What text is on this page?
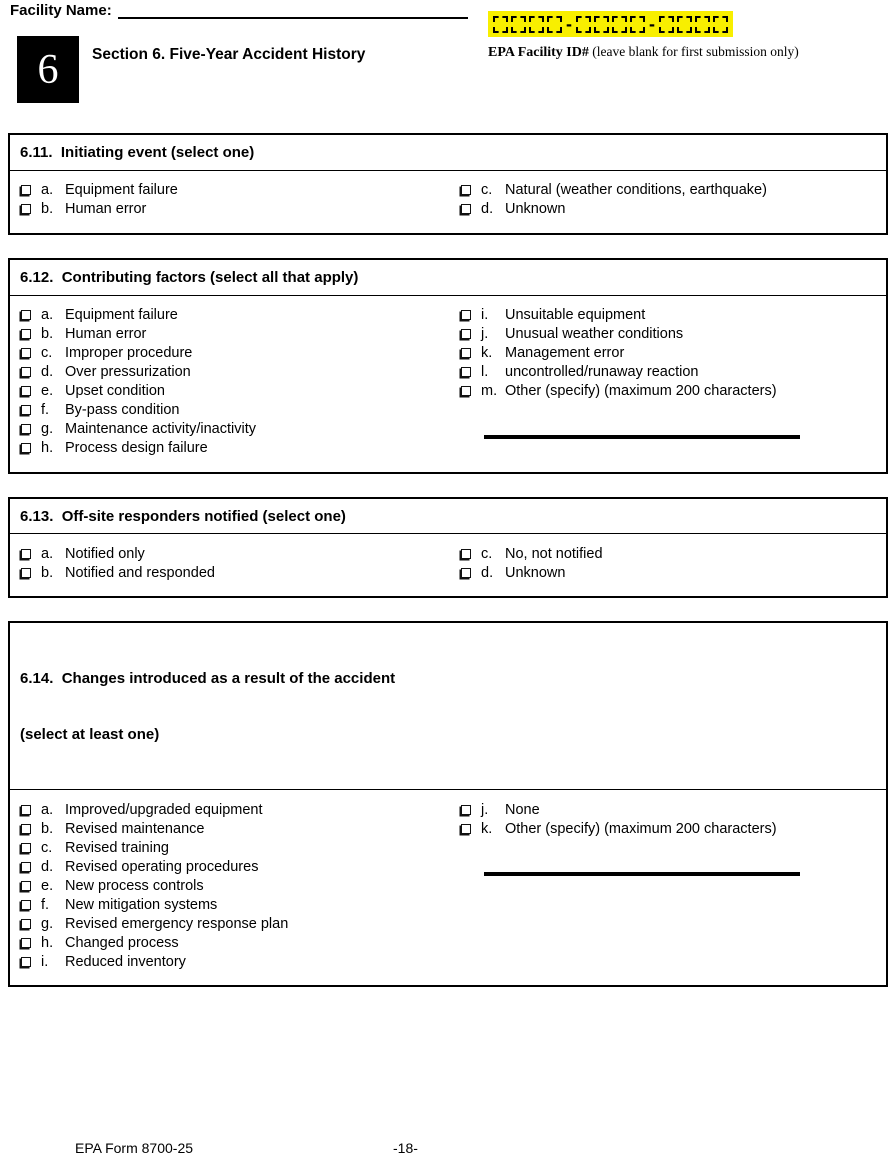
Facility Name:
-	-
EPA Facility ID# (leave blank for first submission only)
6	Section 6. Five-Year Accident History
6.11.  Initiating event (select one)
a. Equipment failure
b. Human error
c. Natural (weather conditions, earthquake)
d. Unknown
6.12.  Contributing factors (select all that apply)
a. Equipment failure
b. Human error
c. Improper procedure
d. Over pressurization
e. Upset condition
f.	By-pass condition
g. Maintenance activity/inactivity
h. Process design failure
i.	Unsuitable equipment
j.	Unusual weather conditions
k. Management error
l.	uncontrolled/runaway reaction
m. Other (specify) (maximum 200 characters)
6.13.  Off-site responders notified (select one)
a. Notified only
b. Notified and responded
c. No, not notified
d. Unknown

6.14.  Changes introduced as a result of the accident

(select at least one)

a. Improved/upgraded equipment
b. Revised maintenance
c. Revised training
d. Revised operating procedures
e. New process controls
f.	New mitigation systems
g. Revised emergency response plan
h. Changed process
i.	Reduced inventory
j.	None
k. Other (specify) (maximum 200 characters)
EPA Form 8700-25	-18-
